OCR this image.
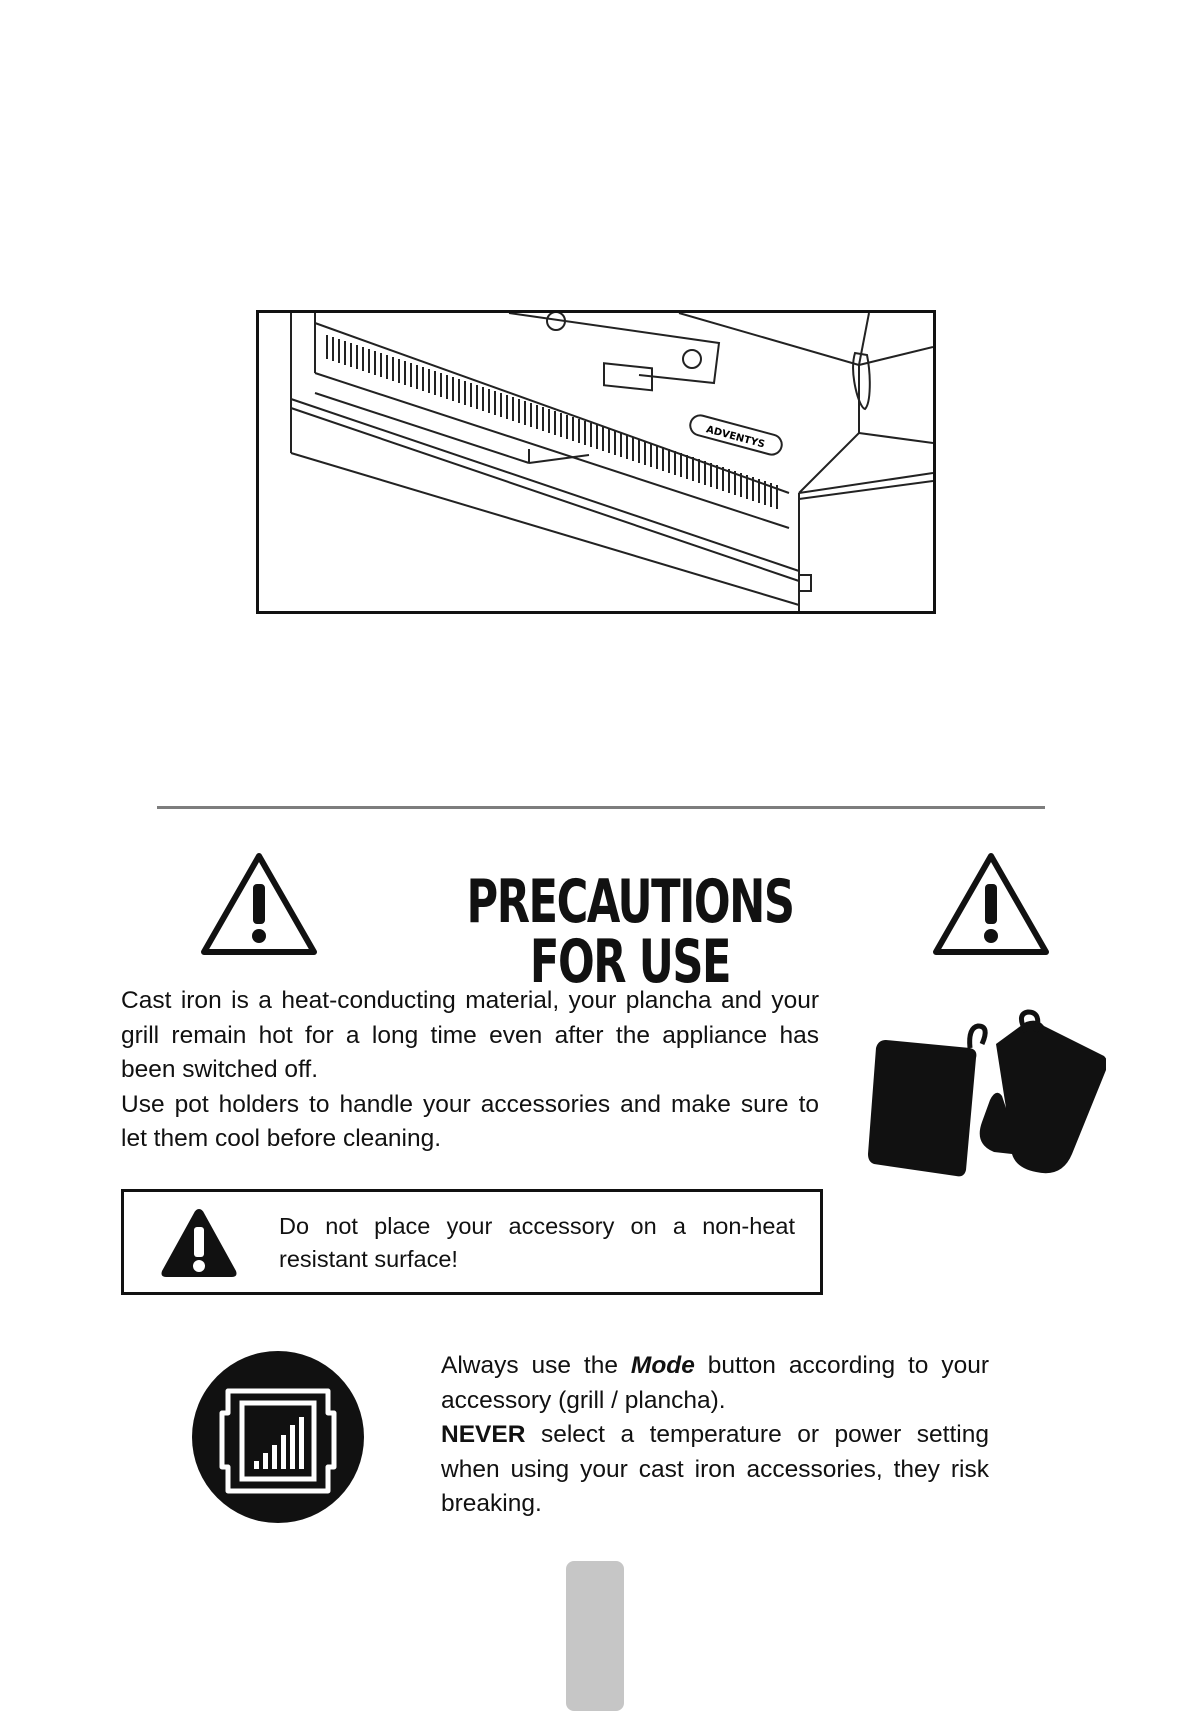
ADVENTYS
PRECAUTIONS FOR USE

Cast iron is a heat-conducting material, your plancha and your grill remain hot for a long time even after the appliance has been switched off.

Use pot holders to handle your accessories and make sure to let them cool before cleaning.

Do not place your accessory on a non-heat resistant surface!

Always use the Mode button according to your accessory (grill / plancha).

NEVER select a temperature or power setting when using your cast iron accessories, they risk breaking.
